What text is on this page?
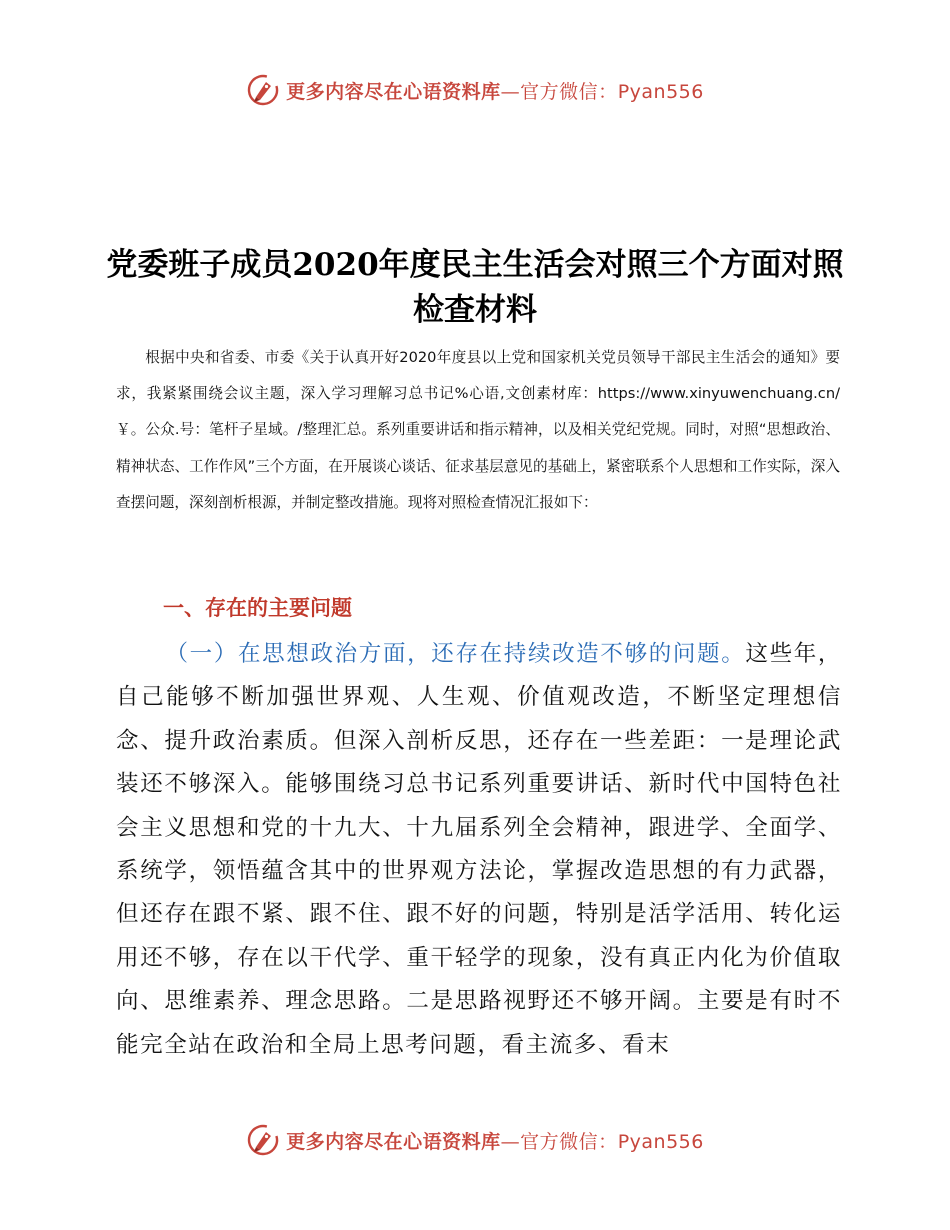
更多内容尽在心语资料库—官方微信：Pyan556
党委班子成员2020年度民主生活会对照三个方面对照检查材料

根据中央和省委、市委《关于认真开好2020年度县以上党和国家机关党员领导干部民主生活会的通知》要求，我紧紧围绕会议主题，深入学习理解习总书记%心语,文创素材库：https://www.xinyuwenchuang.cn/￥。公众.号：笔杆子星域。/整理汇总。系列重要讲话和指示精神，以及相关党纪党规。同时，对照“思想政治、精神状态、工作作风”三个方面，在开展谈心谈话、征求基层意见的基础上，紧密联系个人思想和工作实际，深入查摆问题，深刻剖析根源，并制定整改措施。现将对照检查情况汇报如下：

一、存在的主要问题

（一）在思想政治方面，还存在持续改造不够的问题。这些年，自己能够不断加强世界观、人生观、价值观改造，不断坚定理想信念、提升政治素质。但深入剖析反思，还存在一些差距：一是理论武装还不够深入。能够围绕习总书记系列重要讲话、新时代中国特色社会主义思想和党的十九大、十九届系列全会精神，跟进学、全面学、系统学，领悟蕴含其中的世界观方法论，掌握改造思想的有力武器，但还存在跟不紧、跟不住、跟不好的问题，特别是活学活用、转化运用还不够，存在以干代学、重干轻学的现象，没有真正内化为价值取向、思维素养、理念思路。二是思路视野还不够开阔。主要是有时不能完全站在政治和全局上思考问题，看主流多、看末

更多内容尽在心语资料库—官方微信：Pyan556
